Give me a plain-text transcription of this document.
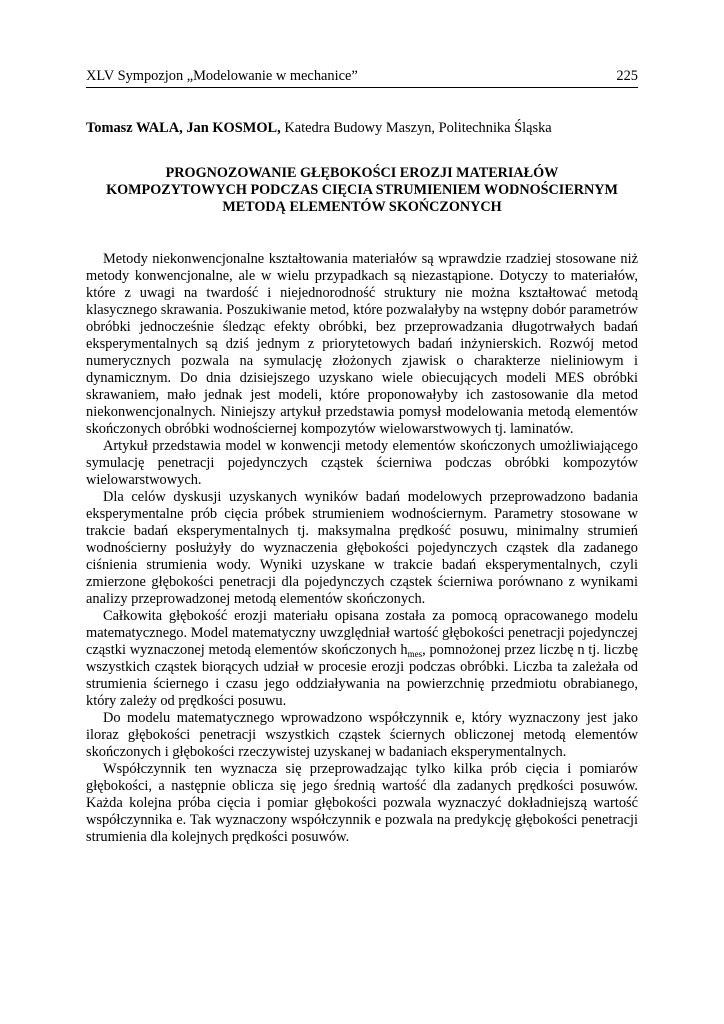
XLV Sympozjon „Modelowanie w mechanice”	225
Tomasz WALA, Jan KOSMOL, Katedra Budowy Maszyn, Politechnika Śląska
PROGNOZOWANIE GŁĘBOKOŚCI EROZJI MATERIAŁÓW
KOMPOZYTOWYCH PODCZAS CIĘCIA STRUMIENIEM WODNOŚCIERNYM
METODĄ ELEMENTÓW SKOŃCZONYCH

Metody niekonwencjonalne kształtowania materiałów są wprawdzie rzadziej stosowane niż metody konwencjonalne, ale w wielu przypadkach są niezastąpione. Dotyczy to materiałów, które z uwagi na twardość i niejednorodność struktury nie można kształtować metodą klasycznego skrawania. Poszukiwanie metod, które pozwalałyby na wstępny dobór parametrów obróbki jednocześnie śledząc efekty obróbki, bez przeprowadzania długotrwałych badań eksperymentalnych są dziś jednym z priorytetowych badań inżynierskich. Rozwój metod numerycznych pozwala na symulację złożonych zjawisk o charakterze nieliniowym i dynamicznym. Do dnia dzisiejszego uzyskano wiele obiecujących modeli MES obróbki skrawaniem, mało jednak jest modeli, które proponowałyby ich zastosowanie dla metod niekonwencjonalnych. Niniejszy artykuł przedstawia pomysł modelowania metodą elementów skończonych obróbki wodnościernej kompozytów wielowarstwowych tj. laminatów.

Artykuł przedstawia model w konwencji metody elementów skończonych umożliwiającego symulację penetracji pojedynczych cząstek ścierniwa podczas obróbki kompozytów wielowarstwowych.

Dla celów dyskusji uzyskanych wyników badań modelowych przeprowadzono badania eksperymentalne prób cięcia próbek strumieniem wodnościernym. Parametry stosowane w trakcie badań eksperymentalnych tj. maksymalna prędkość posuwu, minimalny strumień wodnościerny posłużyły do wyznaczenia głębokości pojedynczych cząstek dla zadanego ciśnienia strumienia wody. Wyniki uzyskane w trakcie badań eksperymentalnych, czyli zmierzone głębokości penetracji dla pojedynczych cząstek ścierniwa porównano z wynikami analizy przeprowadzonej metodą elementów skończonych.

Całkowita głębokość erozji materiału opisana została za pomocą opracowanego modelu matematycznego. Model matematyczny uwzględniał wartość głębokości penetracji pojedynczej cząstki wyznaczonej metodą elementów skończonych $h_{mes}$, pomnożonej przez liczbę n tj. liczbę wszystkich cząstek biorących udział w procesie erozji podczas obróbki. Liczba ta zależała od strumienia ściernego i czasu jego oddziaływania na powierzchnię przedmiotu obrabianego, który zależy od prędkości posuwu.

Do modelu matematycznego wprowadzono współczynnik e, który wyznaczony jest jako iloraz głębokości penetracji wszystkich cząstek ściernych obliczonej metodą elementów skończonych i głębokości rzeczywistej uzyskanej w badaniach eksperymentalnych.

Współczynnik ten wyznacza się przeprowadzając tylko kilka prób cięcia i pomiarów głębokości, a następnie oblicza się jego średnią wartość dla zadanych prędkości posuwów. Każda kolejna próba cięcia i pomiar głębokości pozwala wyznaczyć dokładniejszą wartość współczynnika e. Tak wyznaczony współczynnik e pozwala na predykcję głębokości penetracji strumienia dla kolejnych prędkości posuwów.
